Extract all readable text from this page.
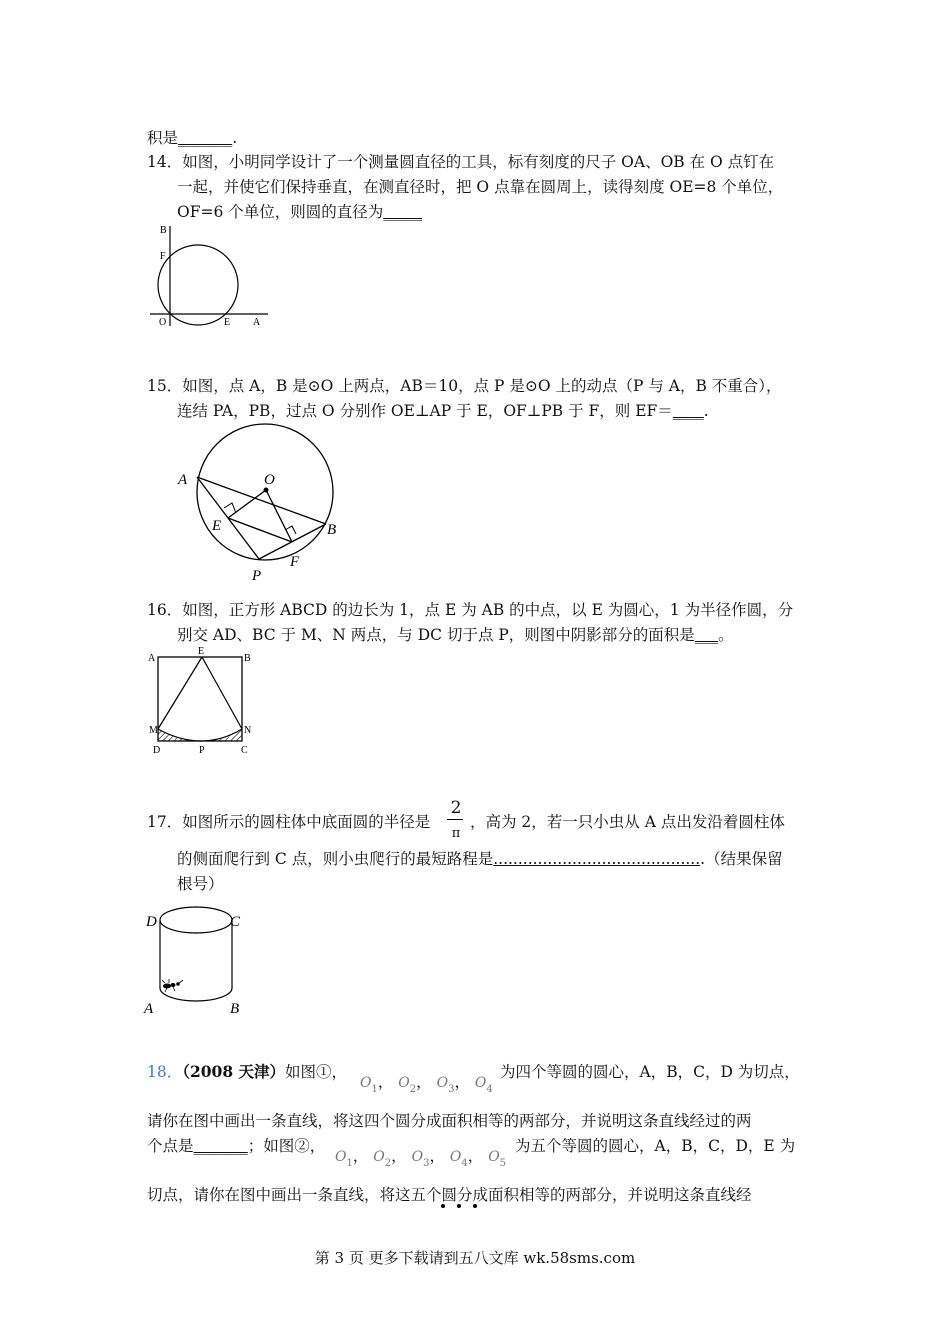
积是_______.
14．如图，小明同学设计了一个测量圆直径的工具，标有刻度的尺子 OA、OB 在 O 点钉在
一起，并使它们保持垂直，在测直径时，把 O 点靠在圆周上，读得刻度 OE=8 个单位，
OF=6 个单位，则圆的直径为_____
B
F
O	E A
15．如图，点 A，B 是⊙O 上两点，AB＝10，点 P 是⊙O 上的动点（P 与 A，B 不重合），
连结 PA，PB，过点 O 分别作 OE⊥AP 于 E，OF⊥PB 于 F，则 EF＝____.
A	O
B
E
F
P
16．如图，正方形 ABCD 的边长为 1，点 E 为 AB 的中点，以 E 为圆心，1 为半径作圆，分
别交 AD、BC 于 M、N 两点，与 DC 切于点 P，则图中阴影部分的面积是___。
A
E
B
M	N
D	P	C
17．如图所示的圆柱体中底面圆的半径是
2
π
，高为 2，若一只小虫从 A 点出发沿着圆柱体
的侧面爬行到 C 点，则小虫爬行的最短路程是...........................................（结果保留
根号）
D	C
A	B
18．（2008 天津）如图①，
$O_1$， $O_2$， $O_3$， $O_4$
为四个等圆的圆心，A，B，C，D 为切点，
请你在图中画出一条直线，将这四个圆分成面积相等的两部分，并说明这条直线经过的两
个点是_______；如图②，
$O_1$， $O_2$， $O_3$， $O_4$， $O_5$
为五个等圆的圆心，A，B，C，D，E 为
切点，请你在图中画出一条直线，将这五个圆分成面积相等的两部分，并说明这条直线经
第 3 页 更多下载请到五八文库 wk.58sms.com
